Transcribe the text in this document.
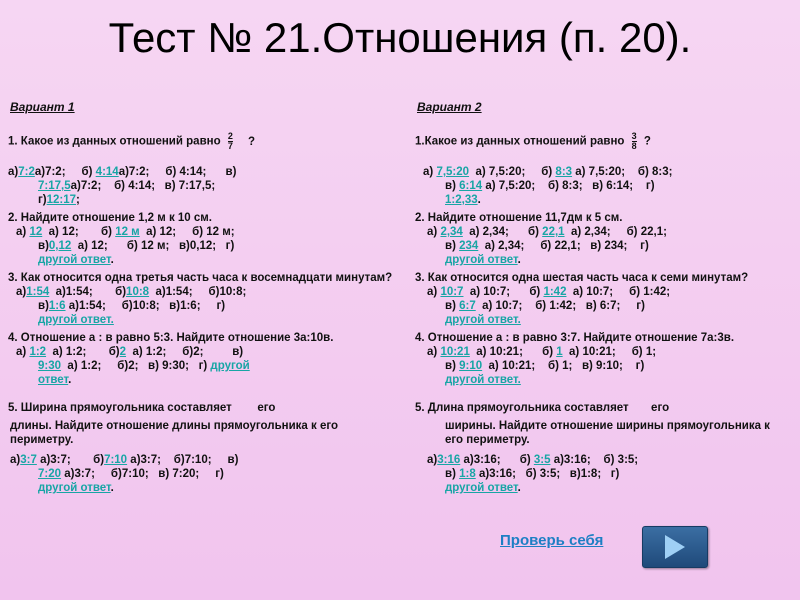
Тест № 21.Отношения (п. 20).
Вариант 1
1. Какое из данных отношений равно $\frac{2}{7}$ ?
а)7:2а)7:2; б) 4:14а)7:2; б) 4:14; в)
7:17,5а)7:2; б) 4:14; в) 7:17,5;
г)12:17;
2. Найдите отношение 1,2 м к 10 см.
а) 12 а) 12; б) 12 м а) 12; б) 12 м;
в)0,12 а) 12; б) 12 м; в)0,12; г)
другой ответ.
3. Как относится одна третья часть часа к восемнадцати минутам?
а)1:54 а)1:54; б)10:8 а)1:54; б)10:8;
в)1:6 а)1:54; б)10:8; в)1:6; г)
другой ответ.
4. Отношение а : в равно 5:3. Найдите отношение 3а:10в.
а) 1:2 а) 1:2; б)2 а) 1:2; б)2;	в)
9:30 а) 1:2; б)2; в) 9:30; г) другой
ответ.
5. Ширина прямоугольника составляет его
длины. Найдите отношение длины прямоугольника к его периметру.
а)3:7 а)3:7; б)7:10 а)3:7; б)7:10; в)
7:20 а)3:7; б)7:10; в) 7:20; г)
другой ответ.
Вариант 2
1.Какое из данных отношений равно $\frac{3}{8}$ ?
а) 7,5:20 а) 7,5:20; б) 8:3 а) 7,5:20; б) 8:3;
в) 6:14 а) 7,5:20; б) 8:3; в) 6:14; г)
1:2,33.
2. Найдите отношение 11,7дм к 5 см.
а) 2,34 а) 2,34; б) 22,1 а) 2,34; б) 22,1;
в) 234 а) 2,34; б) 22,1; в) 234; г)
другой ответ.
3. Как относится одна шестая часть часа к семи минутам?
а) 10:7 а) 10:7; б) 1:42 а) 10:7; б) 1:42;
в) 6:7 а) 10:7; б) 1:42; в) 6:7; г)
другой ответ.
4. Отношение а : в равно 3:7. Найдите отношение 7а:3в.
а) 10:21 а) 10:21; б) 1 а) 10:21; б) 1;
в) 9:10 а) 10:21; б) 1; в) 9:10; г)
другой ответ.
5. Длина прямоугольника составляет его
ширины. Найдите отношение ширины прямоугольника к его периметру.
а)3:16 а)3:16; б) 3:5 а)3:16; б) 3:5;
в) 1:8 а)3:16; б) 3:5; в)1:8; г)
другой ответ.
Проверь себя
